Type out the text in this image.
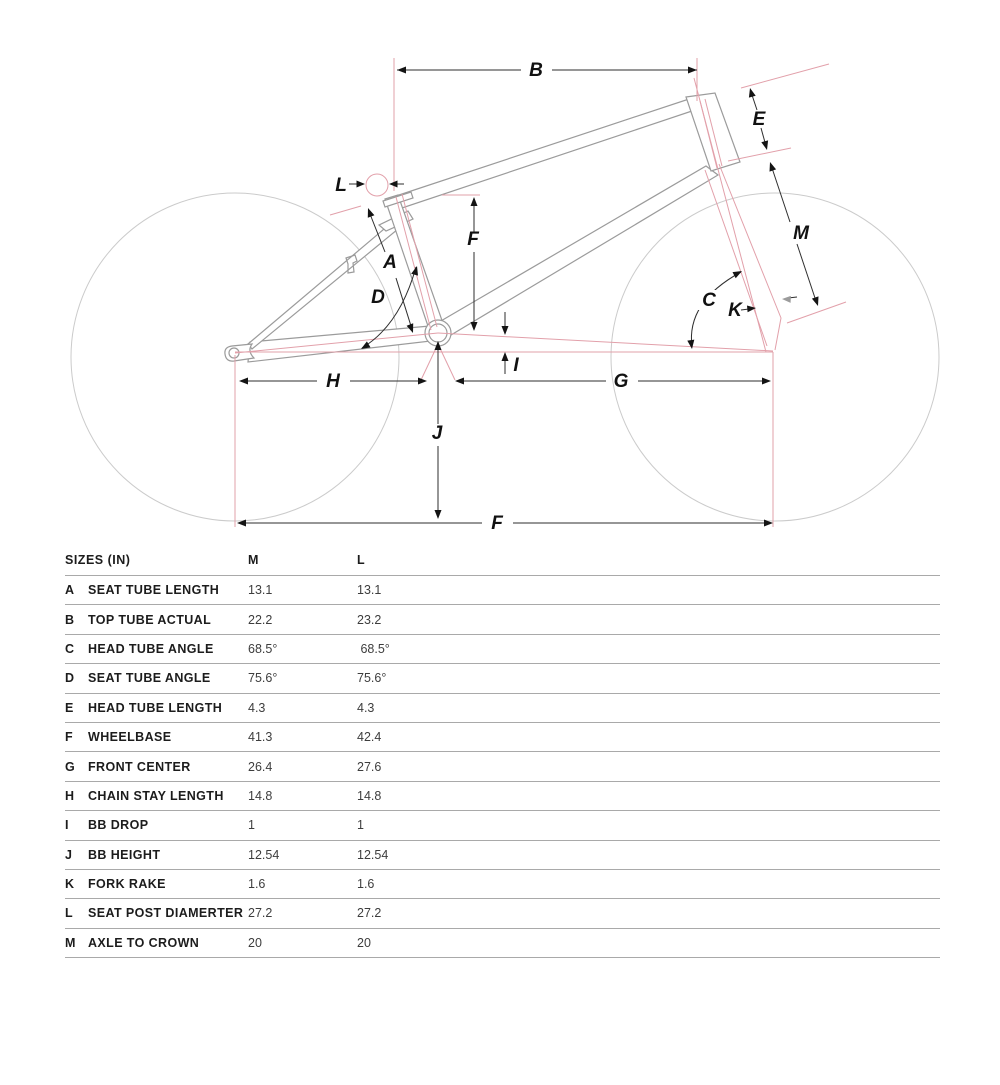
B
E
M
C K
L
A
D
F
J
I
H	G
F
SIZES (IN)	M	L
A	SEAT TUBE LENGTH	13.1	13.1
B	TOP TUBE ACTUAL	22.2	23.2
C	HEAD TUBE ANGLE	68.5°	68.5°
D	SEAT TUBE ANGLE	75.6°	75.6°
E	HEAD TUBE LENGTH	4.3	4.3
F	WHEELBASE	41.3	42.4
G	FRONT CENTER	26.4	27.6
H	CHAIN STAY LENGTH	14.8	14.8
I	BB DROP	1	1
J	BB HEIGHT	12.54	12.54
K	FORK RAKE	1.6	1.6
L	SEAT POST DIAMERTER 27.2	27.2
M AXLE TO CROWN	20	20
